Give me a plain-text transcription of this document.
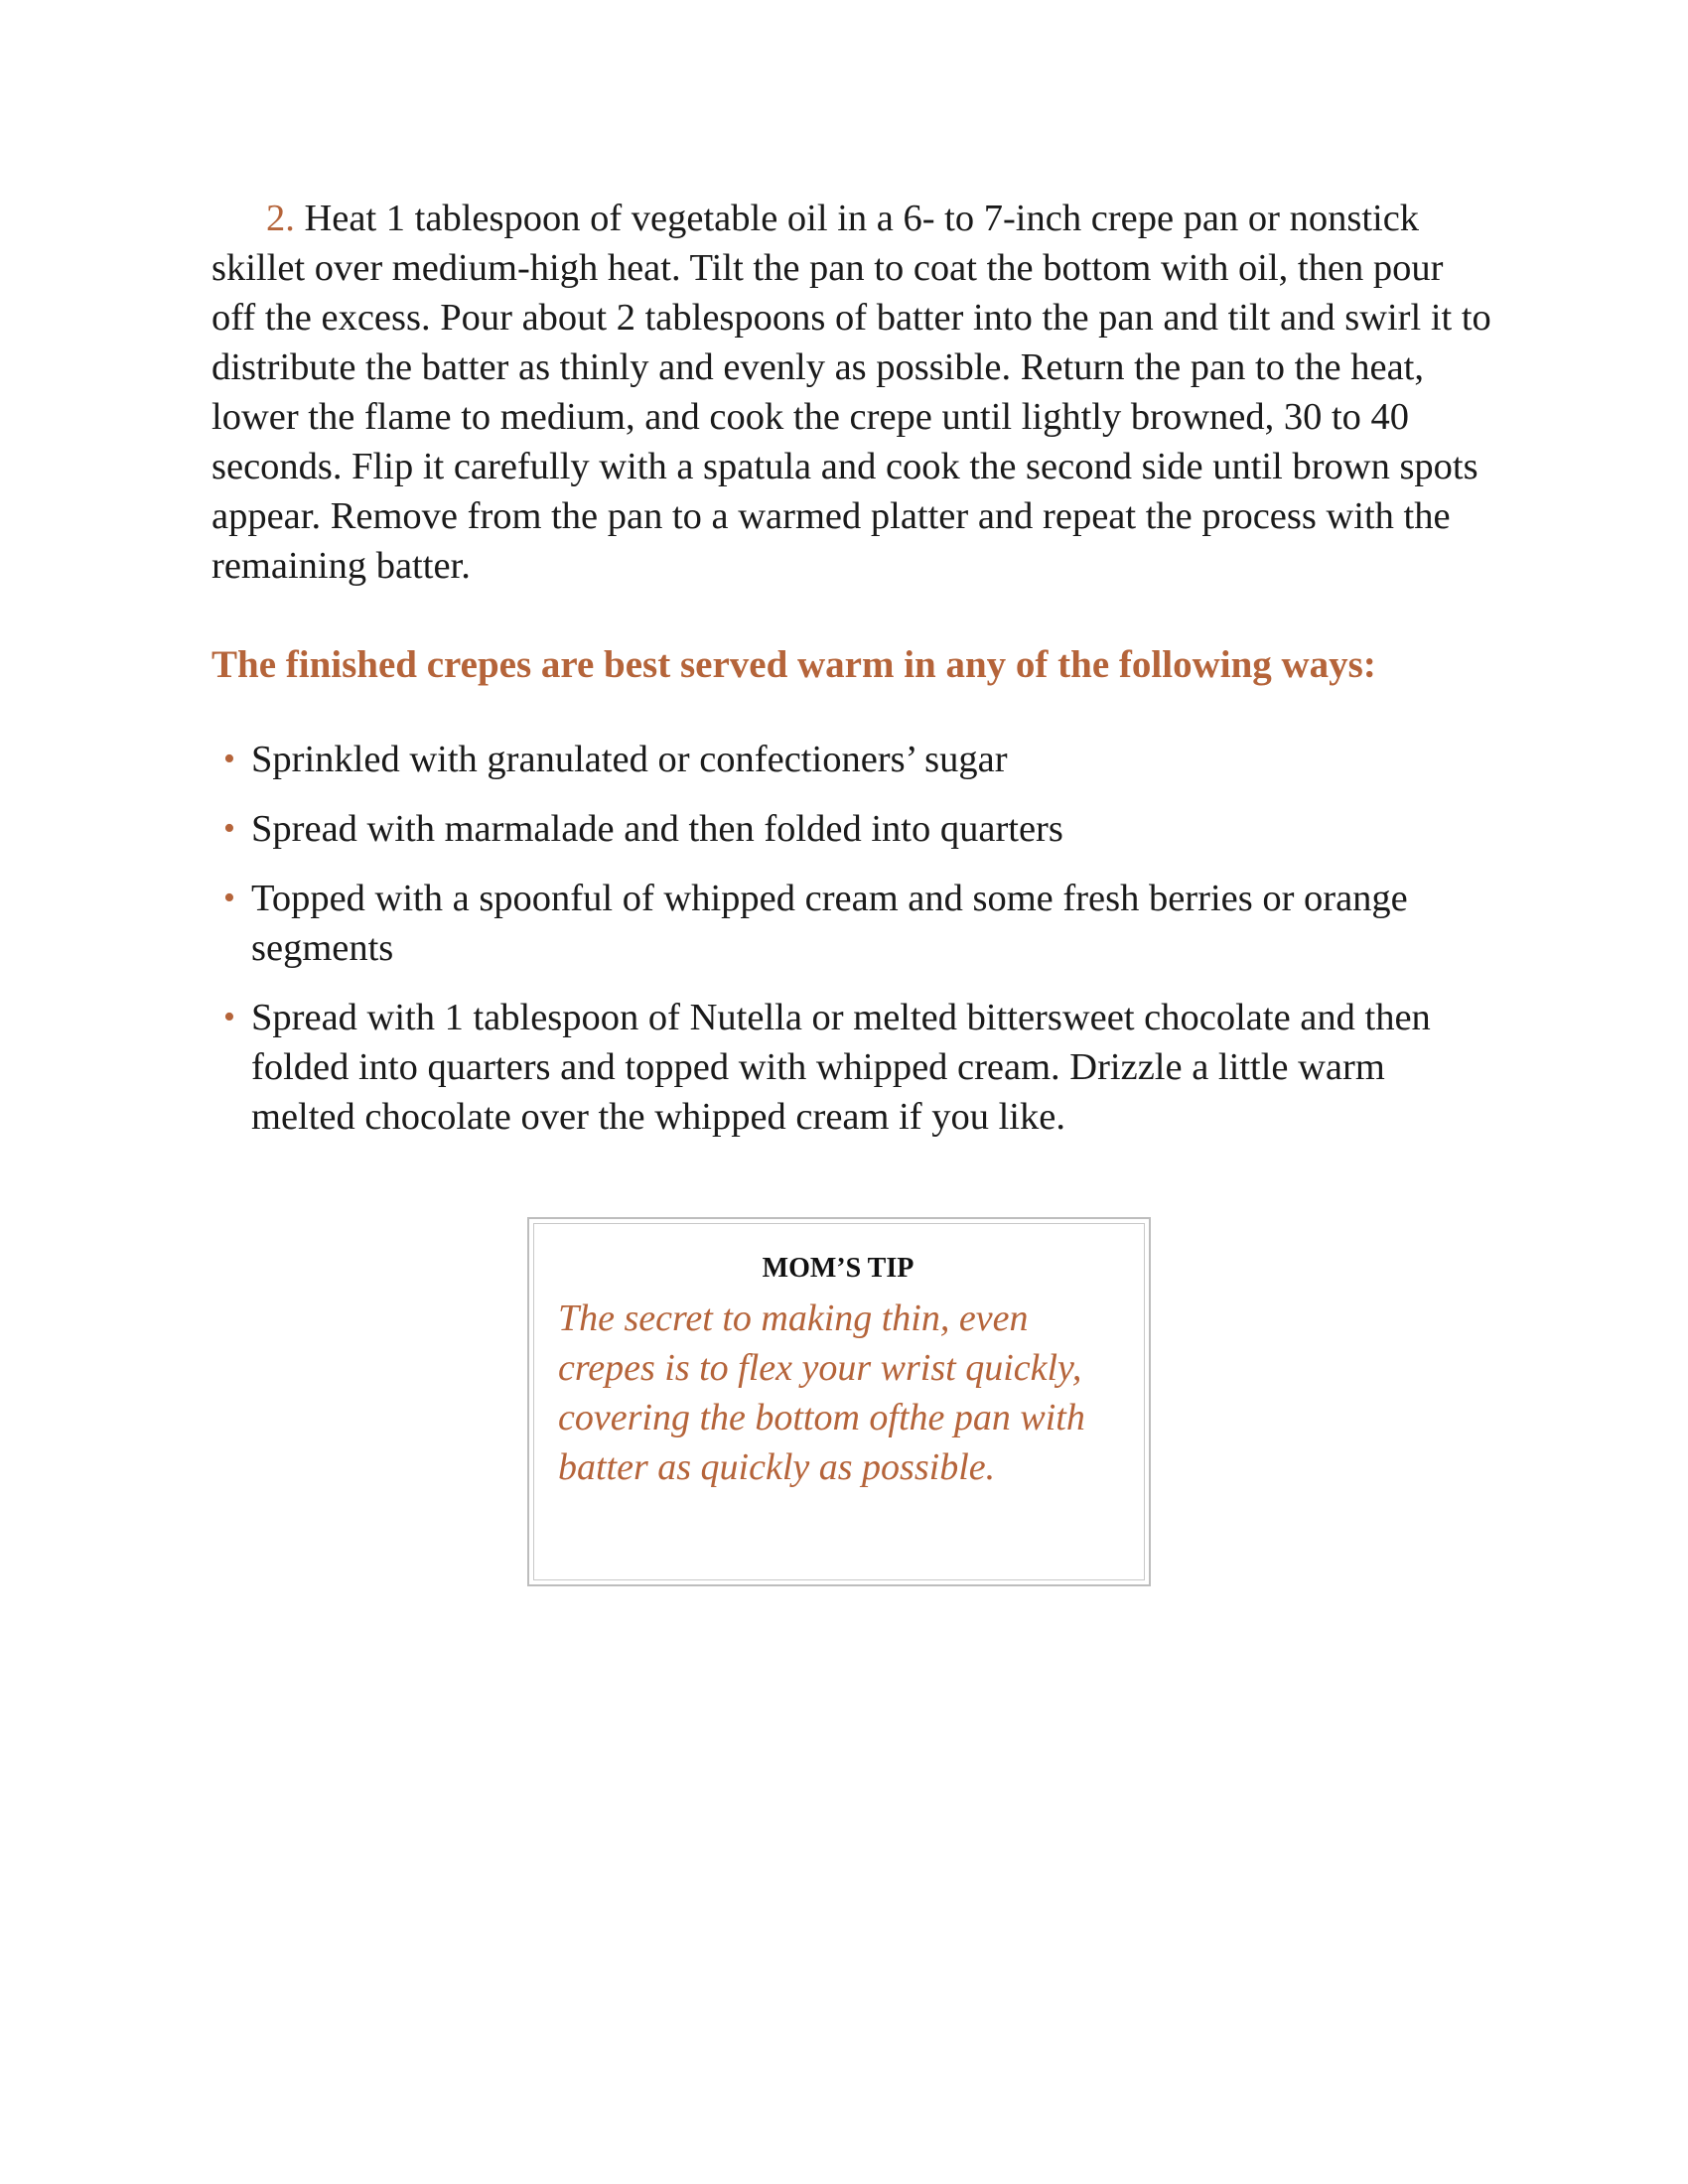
2. Heat 1 tablespoon of vegetable oil in a 6- to 7-inch crepe pan or nonstick skillet over medium-high heat. Tilt the pan to coat the bottom with oil, then pour off the excess. Pour about 2 tablespoons of batter into the pan and tilt and swirl it to distribute the batter as thinly and evenly as possible. Return the pan to the heat, lower the flame to medium, and cook the crepe until lightly browned, 30 to 40 seconds. Flip it carefully with a spatula and cook the second side until brown spots appear. Remove from the pan to a warmed platter and repeat the process with the remaining batter.

The finished crepes are best served warm in any of the following ways:
• Sprinkled with granulated or confectioners’ sugar
• Spread with marmalade and then folded into quarters
• Topped with a spoonful of whipped cream and some fresh berries or orange segments
• Spread with 1 tablespoon of Nutella or melted bittersweet chocolate and then folded into quarters and topped with whipped cream. Drizzle a little warm melted chocolate over the whipped cream if you like.
MOM’S TIP

The secret to making thin, even crepes is to flex your wrist quickly, covering the bottom ofthe pan with batter as quickly as possible.
